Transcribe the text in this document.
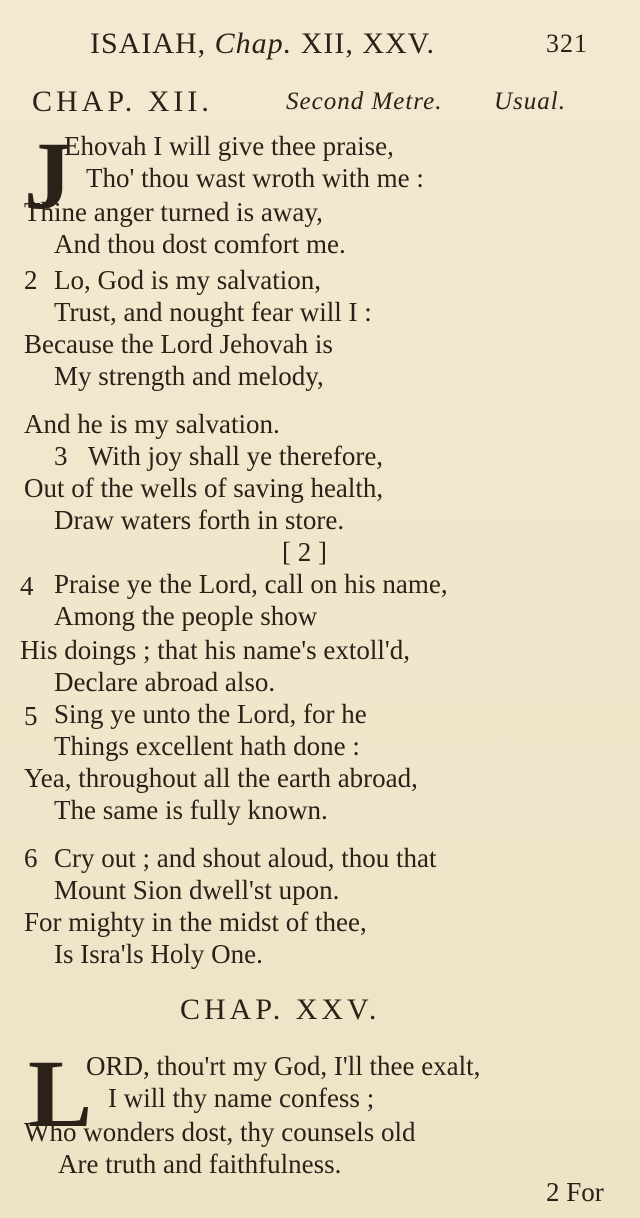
ISAIAH, Chap. XII, XXV.	321
CHAP. XII.	Second Metre. Usual.
J
Ehovah I will give thee praise,
Tho' thou wast wroth with me :
Thine anger turned is away,
And thou dost comfort me.
2 Lo, God is my salvation,
Trust, and nought fear will I :
Because the Lord Jehovah is
My strength and melody,
And he is my salvation.
3 With joy shall ye therefore,
Out of the wells of saving health,
Draw waters forth in store.
[ 2 ]
4 Praise ye the Lord, call on his name,
Among the people show
His doings ; that his name's extoll'd,
Declare abroad also.
5 Sing ye unto the Lord, for he
Things excellent hath done :
Yea, throughout all the earth abroad,
The same is fully known.
6 Cry out ; and shout aloud, thou that
Mount Sion dwell'st upon.
For mighty in the midst of thee,
Is Isra'ls Holy One.
CHAP. XXV.
L
ORD, thou'rt my God, I'll thee exalt,
I will thy name confess ;
Who wonders dost, thy counsels old
Are truth and faithfulness.
2 For
